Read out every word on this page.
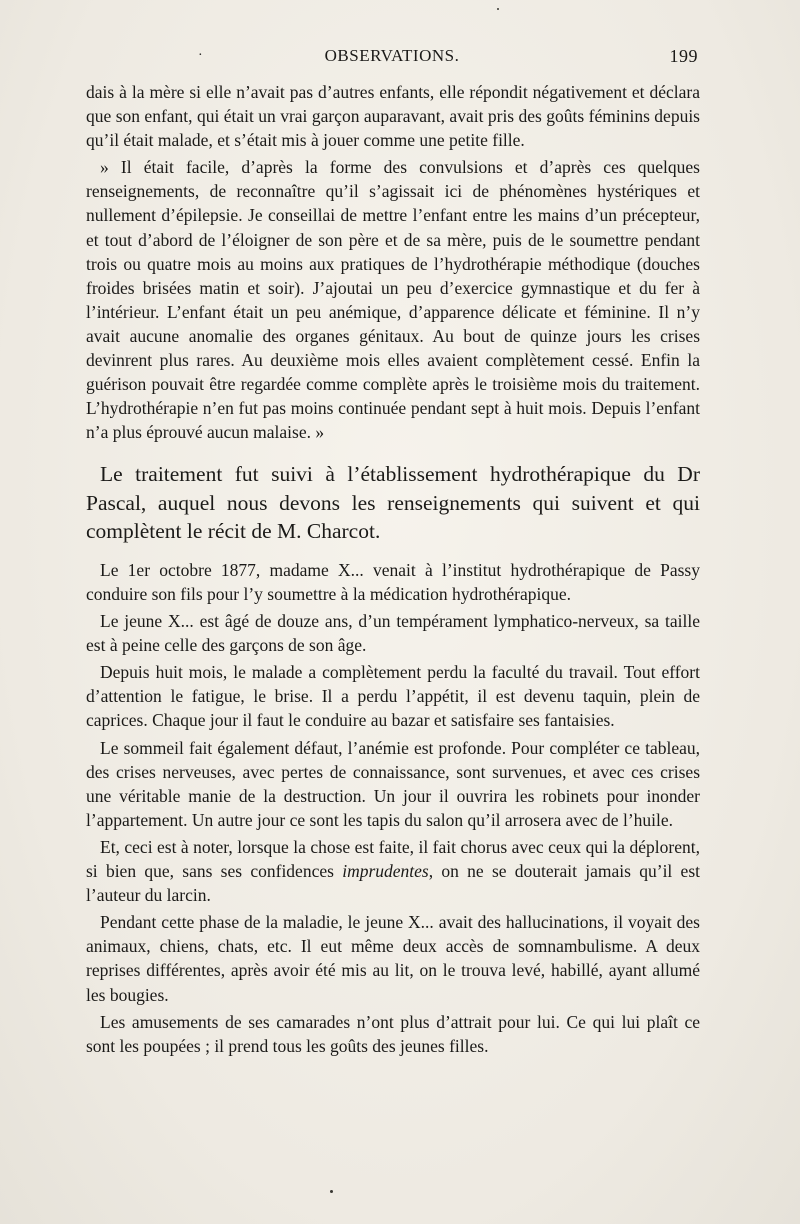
·	OBSERVATIONS.	199

dais à la mère si elle n’avait pas d’autres enfants, elle répondit négativement et déclara que son enfant, qui était un vrai garçon auparavant, avait pris des goûts féminins depuis qu’il était malade, et s’était mis à jouer comme une petite fille.

» Il était facile, d’après la forme des convulsions et d’après ces quelques renseignements, de reconnaître qu’il s’agissait ici de phénomènes hystériques et nullement d’épilepsie. Je conseillai de mettre l’enfant entre les mains d’un précepteur, et tout d’abord de l’éloigner de son père et de sa mère, puis de le soumettre pendant trois ou quatre mois au moins aux pratiques de l’hydrothérapie méthodique (douches froides brisées matin et soir). J’ajoutai un peu d’exercice gymnastique et du fer à l’intérieur. L’enfant était un peu anémique, d’apparence délicate et féminine. Il n’y avait aucune anomalie des organes génitaux. Au bout de quinze jours les crises devinrent plus rares. Au deuxième mois elles avaient complètement cessé. Enfin la guérison pouvait être regardée comme complète après le troisième mois du traitement. L’hydrothérapie n’en fut pas moins continuée pendant sept à huit mois. Depuis l’enfant n’a plus éprouvé aucun malaise. »

Le traitement fut suivi à l’établissement hydrothérapique du Dr Pascal, auquel nous devons les renseignements qui suivent et qui complètent le récit de M. Charcot.

Le 1er octobre 1877, madame X... venait à l’institut hydrothérapique de Passy conduire son fils pour l’y soumettre à la médication hydrothérapique.

Le jeune X... est âgé de douze ans, d’un tempérament lymphatico-nerveux, sa taille est à peine celle des garçons de son âge.

Depuis huit mois, le malade a complètement perdu la faculté du travail. Tout effort d’attention le fatigue, le brise. Il a perdu l’appétit, il est devenu taquin, plein de caprices. Chaque jour il faut le conduire au bazar et satisfaire ses fantaisies.

Le sommeil fait également défaut, l’anémie est profonde. Pour compléter ce tableau, des crises nerveuses, avec pertes de connaissance, sont survenues, et avec ces crises une véritable manie de la destruction. Un jour il ouvrira les robinets pour inonder l’appartement. Un autre jour ce sont les tapis du salon qu’il arrosera avec de l’huile.

Et, ceci est à noter, lorsque la chose est faite, il fait chorus avec ceux qui la déplorent, si bien que, sans ses confidences imprudentes, on ne se douterait jamais qu’il est l’auteur du larcin.

Pendant cette phase de la maladie, le jeune X... avait des hallucinations, il voyait des animaux, chiens, chats, etc. Il eut même deux accès de somnambulisme. A deux reprises différentes, après avoir été mis au lit, on le trouva levé, habillé, ayant allumé les bougies.

Les amusements de ses camarades n’ont plus d’attrait pour lui. Ce qui lui plaît ce sont les poupées ; il prend tous les goûts des jeunes filles.
